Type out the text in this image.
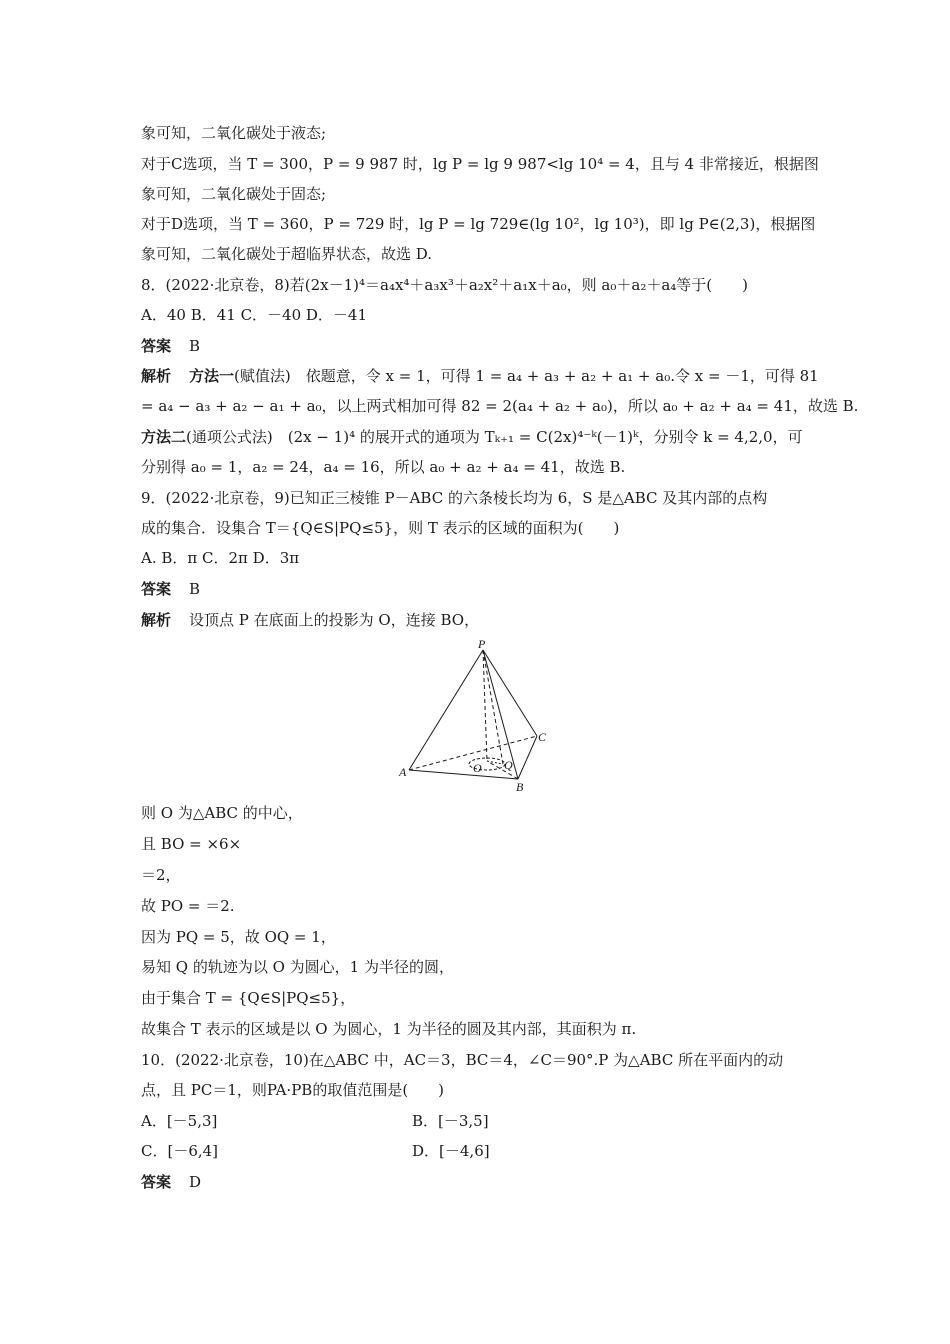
象可知，二氧化碳处于液态;
对于C选项，当 T = 300，P = 9 987 时，lg P = lg 9 987<lg 10⁴ = 4，且与 4 非常接近，根据图
象可知，二氧化碳处于固态;
对于D选项，当 T = 360，P = 729 时，lg P = lg 729∈(lg 10²，lg 10³)，即 lg P∈(2,3)，根据图
象可知，二氧化碳处于超临界状态，故选 D.
8．(2022·北京卷，8)若(2x－1)⁴＝a₄x⁴＋a₃x³＋a₂x²＋a₁x＋a₀，则 a₀＋a₂＋a₄等于(　　)
A．40 B．41 C．－40 D．－41
答案 B
解析 方法一(赋值法)　依题意，令 x = 1，可得 1 = a₄ + a₃ + a₂ + a₁ + a₀.令 x = －1，可得 81
= a₄ − a₃ + a₂ − a₁ + a₀，以上两式相加可得 82 = 2(a₄ + a₂ + a₀)，所以 a₀ + a₂ + a₄ = 41，故选 B.
方法二(通项公式法)　(2x − 1)⁴ 的展开式的通项为 Tₖ₊₁ = C(2x)⁴⁻ᵏ(－1)ᵏ，分别令 k = 4,2,0，可
分别得 a₀ = 1，a₂ = 24，a₄ = 16，所以 a₀ + a₂ + a₄ = 41，故选 B.
9．(2022·北京卷，9)已知正三棱锥 P－ABC 的六条棱长均为 6，S 是△ABC 及其内部的点构
成的集合．设集合 T＝{Q∈S|PQ≤5}，则 T 表示的区域的面积为(　　)
A. B．π C．2π D．3π
答案 B
解析 设顶点 P 在底面上的投影为 O，连接 BO，
P
A
B
C
O Q
则 O 为△ABC 的中心，
且 BO = ×6×
＝2，
故 PO = ＝2.
因为 PQ = 5，故 OQ = 1，
易知 Q 的轨迹为以 O 为圆心，1 为半径的圆，
由于集合 T = {Q∈S|PQ≤5}，
故集合 T 表示的区域是以 O 为圆心，1 为半径的圆及其内部，其面积为 π.
10．(2022·北京卷，10)在△ABC 中，AC＝3，BC＝4，∠C＝90°.P 为△ABC 所在平面内的动
点，且 PC＝1，则PA·PB的取值范围是(　　)
A．[－5,3]	B．[－3,5]
C．[－6,4]	D．[－4,6]
答案 D
